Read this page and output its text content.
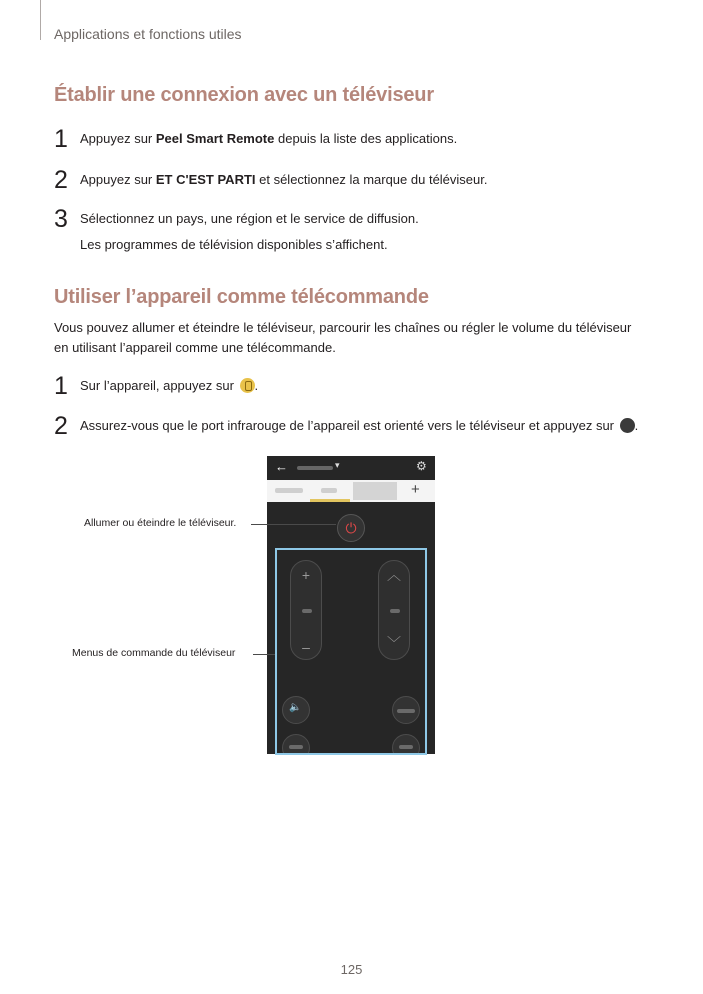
Applications et fonctions utiles
Établir une connexion avec un téléviseur
1 Appuyez sur Peel Smart Remote depuis la liste des applications.
2 Appuyez sur ET C'EST PARTI et sélectionnez la marque du téléviseur.
3 Sélectionnez un pays, une région et le service de diffusion.
Les programmes de télévision disponibles s’affichent.
Utiliser l’appareil comme télécommande
Vous pouvez allumer et éteindre le téléviseur, parcourir les chaînes ou régler le volume du téléviseur
en utilisant l’appareil comme une télécommande.
1 Sur l’appareil, appuyez sur .
2 Assurez-vous que le port infrarouge de l’appareil est orienté vers le téléviseur et appuyez sur .
←	▾	⚙
+
⏻
+
–
︿
﹀
🔈
Allumer ou éteindre le téléviseur.
Menus de commande du téléviseur
125
